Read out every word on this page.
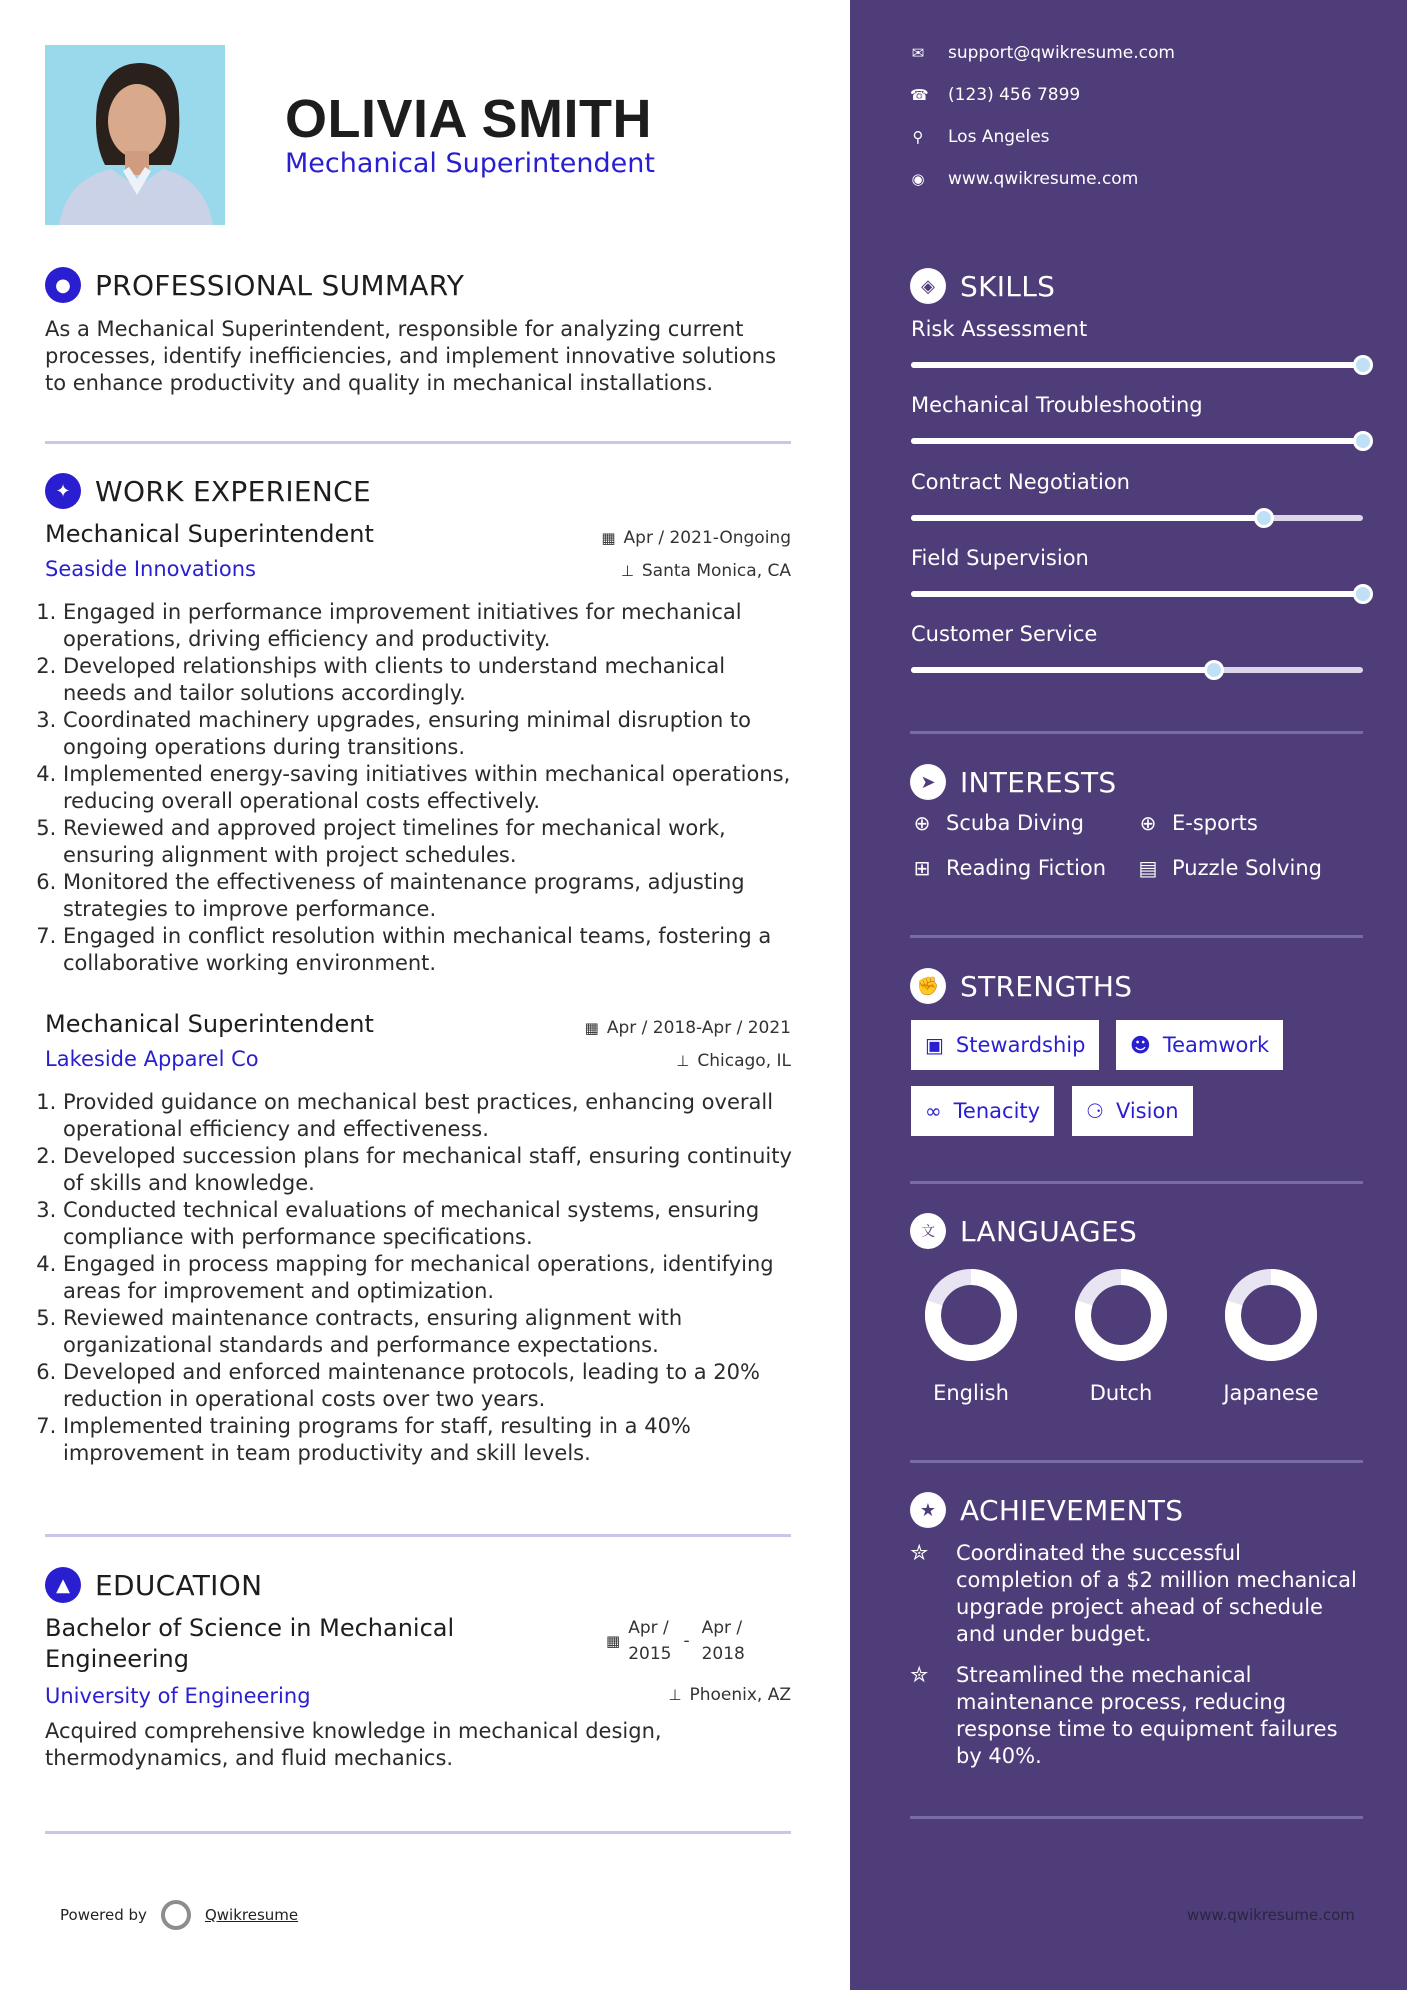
OLIVIA SMITH
Mechanical Superintendent
● PROFESSIONAL SUMMARY
As a Mechanical Superintendent, responsible for analyzing current
processes, identify inefficiencies, and implement innovative solutions
to enhance productivity and quality in mechanical installations.
✦ WORK EXPERIENCE
Mechanical Superintendent
Seaside Innovations
▦ Apr / 2021-Ongoing
⊥ Santa Monica, CA
1. Engaged in performance improvement initiatives for mechanical operations, driving efficiency and productivity.
2. Developed relationships with clients to understand mechanical needs and tailor solutions accordingly.
3. Coordinated machinery upgrades, ensuring minimal disruption to ongoing operations during transitions.
4. Implemented energy-saving initiatives within mechanical operations, reducing overall operational costs effectively.
5. Reviewed and approved project timelines for mechanical work, ensuring alignment with project schedules.
6. Monitored the effectiveness of maintenance programs, adjusting strategies to improve performance.
7. Engaged in conflict resolution within mechanical teams, fostering a collaborative working environment.
Mechanical Superintendent
Lakeside Apparel Co
▦ Apr / 2018-Apr / 2021
⊥ Chicago, IL
1. Provided guidance on mechanical best practices, enhancing overall operational efficiency and effectiveness.
2. Developed succession plans for mechanical staff, ensuring continuity of skills and knowledge.
3. Conducted technical evaluations of mechanical systems, ensuring compliance with performance specifications.
4. Engaged in process mapping for mechanical operations, identifying areas for improvement and optimization.
5. Reviewed maintenance contracts, ensuring alignment with organizational standards and performance expectations.
6. Developed and enforced maintenance protocols, leading to a 20% reduction in operational costs over two years.
7. Implemented training programs for staff, resulting in a 40% improvement in team productivity and skill levels.
▲ EDUCATION
Bachelor of Science in Mechanical
Engineering
University of Engineering
▦
Apr /
2015
-
Apr /
2018
⊥ Phoenix, AZ
Acquired comprehensive knowledge in mechanical design,
thermodynamics, and fluid mechanics.
Powered by	Qwikresume
✉ support@qwikresume.com
☎ (123) 456 7899
⚲ Los Angeles
◉ www.qwikresume.com
◈ SKILLS
Risk Assessment
Mechanical Troubleshooting
Contract Negotiation
Field Supervision
Customer Service
➤ INTERESTS
⊕ Scuba Diving	⊕ E-sports
⊞ Reading Fiction ▤ Puzzle Solving
✊ STRENGTHS
▣ Stewardship ☻ Teamwork
∞ Tenacity ⚆ Vision
文 LANGUAGES
English	Dutch	Japanese
★ ACHIEVEMENTS
✮	Coordinated the successful
completion of a $2 million mechanical
upgrade project ahead of schedule
and under budget.
✮	Streamlined the mechanical
maintenance process, reducing
response time to equipment failures
by 40%.
www.qwikresume.com
